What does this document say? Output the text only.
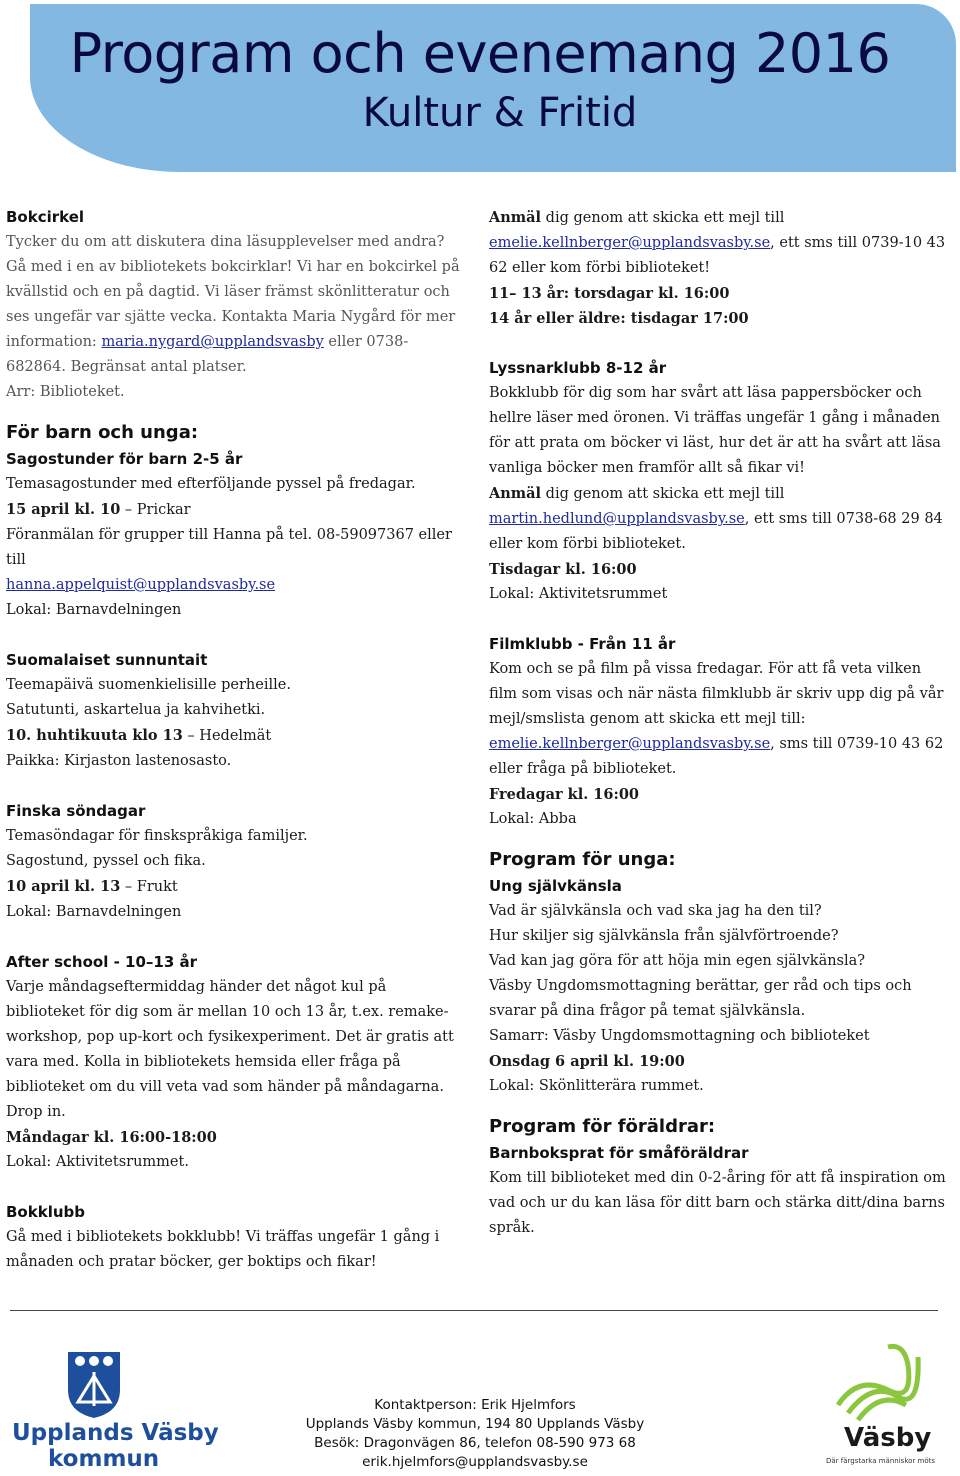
Program och evenemang 2016
Kultur & Fritid
Bokcirkel

Tycker du om att diskutera dina läsupplevelser med andra? Gå med i en av bibliotekets bokcirklar! Vi har en bokcirkel på kvällstid och en på dagtid. Vi läser främst skönlitteratur och ses ungefär var sjätte vecka. Kontakta Maria Nygård för mer information: maria.nygard@upplandsvasby eller 0738-682864. Begränsat antal platser.

Arr: Biblioteket.

För barn och unga:
Sagostunder för barn 2-5 år

Temasagostunder med efterföljande pyssel på fredagar.

15 april kl. 10 – Prickar

Föranmälan för grupper till Hanna på tel. 08-59097367 eller till
hanna.appelquist@upplandsvasby.se

Lokal: Barnavdelningen

Suomalaiset sunnuntait

Teemapäivä suomenkielisille perheille.

Satutunti, askartelua ja kahvihetki.

10. huhtikuuta klo 13 – Hedelmät

Paikka: Kirjaston lastenosasto.

Finska söndagar

Temasöndagar för finskspråkiga familjer.

Sagostund, pyssel och fika.

10 april kl. 13 – Frukt

Lokal: Barnavdelningen

After school - 10–13 år

Varje måndagseftermiddag händer det något kul på biblioteket för dig som är mellan 10 och 13 år, t.ex. remake-workshop, pop up-kort och fysikexperiment. Det är gratis att vara med. Kolla in bibliotekets hemsida eller fråga på biblioteket om du vill veta vad som händer på måndagarna. Drop in.

Måndagar kl. 16:00-18:00

Lokal: Aktivitetsrummet.

Bokklubb

Gå med i bibliotekets bokklubb! Vi träffas ungefär 1 gång i månaden och pratar böcker, ger boktips och fikar!

Anmäl dig genom att skicka ett mejl till
emelie.kellnberger@upplandsvasby.se, ett sms till 0739-10 43 62 eller kom förbi biblioteket!

11– 13 år: torsdagar kl. 16:00

14 år eller äldre: tisdagar 17:00

Lyssnarklubb 8-12 år

Bokklubb för dig som har svårt att läsa pappersböcker och hellre läser med öronen. Vi träffas ungefär 1 gång i månaden för att prata om böcker vi läst, hur det är att ha svårt att läsa vanliga böcker men framför allt så fikar vi!

Anmäl dig genom att skicka ett mejl till
martin.hedlund@upplandsvasby.se, ett sms till 0738-68 29 84 eller kom förbi biblioteket.

Tisdagar kl. 16:00

Lokal: Aktivitetsrummet

Filmklubb - Från 11 år

Kom och se på film på vissa fredagar. För att få veta vilken film som visas och när nästa filmklubb är skriv upp dig på vår mejl/smslista genom att skicka ett mejl till:
emelie.kellnberger@upplandsvasby.se, sms till 0739-10 43 62 eller fråga på biblioteket.

Fredagar kl. 16:00

Lokal: Abba

Program för unga:
Ung självkänsla

Vad är självkänsla och vad ska jag ha den til?

Hur skiljer sig självkänsla från självförtroende?

Vad kan jag göra för att höja min egen självkänsla?

Väsby Ungdomsmottagning berättar, ger råd och tips och svarar på dina frågor på temat självkänsla.

Samarr: Väsby Ungdomsmottagning och biblioteket

Onsdag 6 april kl. 19:00

Lokal: Skönlitterära rummet.

Program för föräldrar:
Barnboksprat för småföräldrar

Kom till biblioteket med din 0-2-åring för att få inspiration om vad och ur du kan läsa för ditt barn och stärka ditt/dina barns språk.

Upplands Väsby
kommun
Kontaktperson: Erik Hjelmfors
Upplands Väsby kommun, 194 80 Upplands Väsby
Besök: Dragonvägen 86, telefon 08-590 973 68
erik.hjelmfors@upplandsvasby.se
Väsby
Där färgstarka människor möts
